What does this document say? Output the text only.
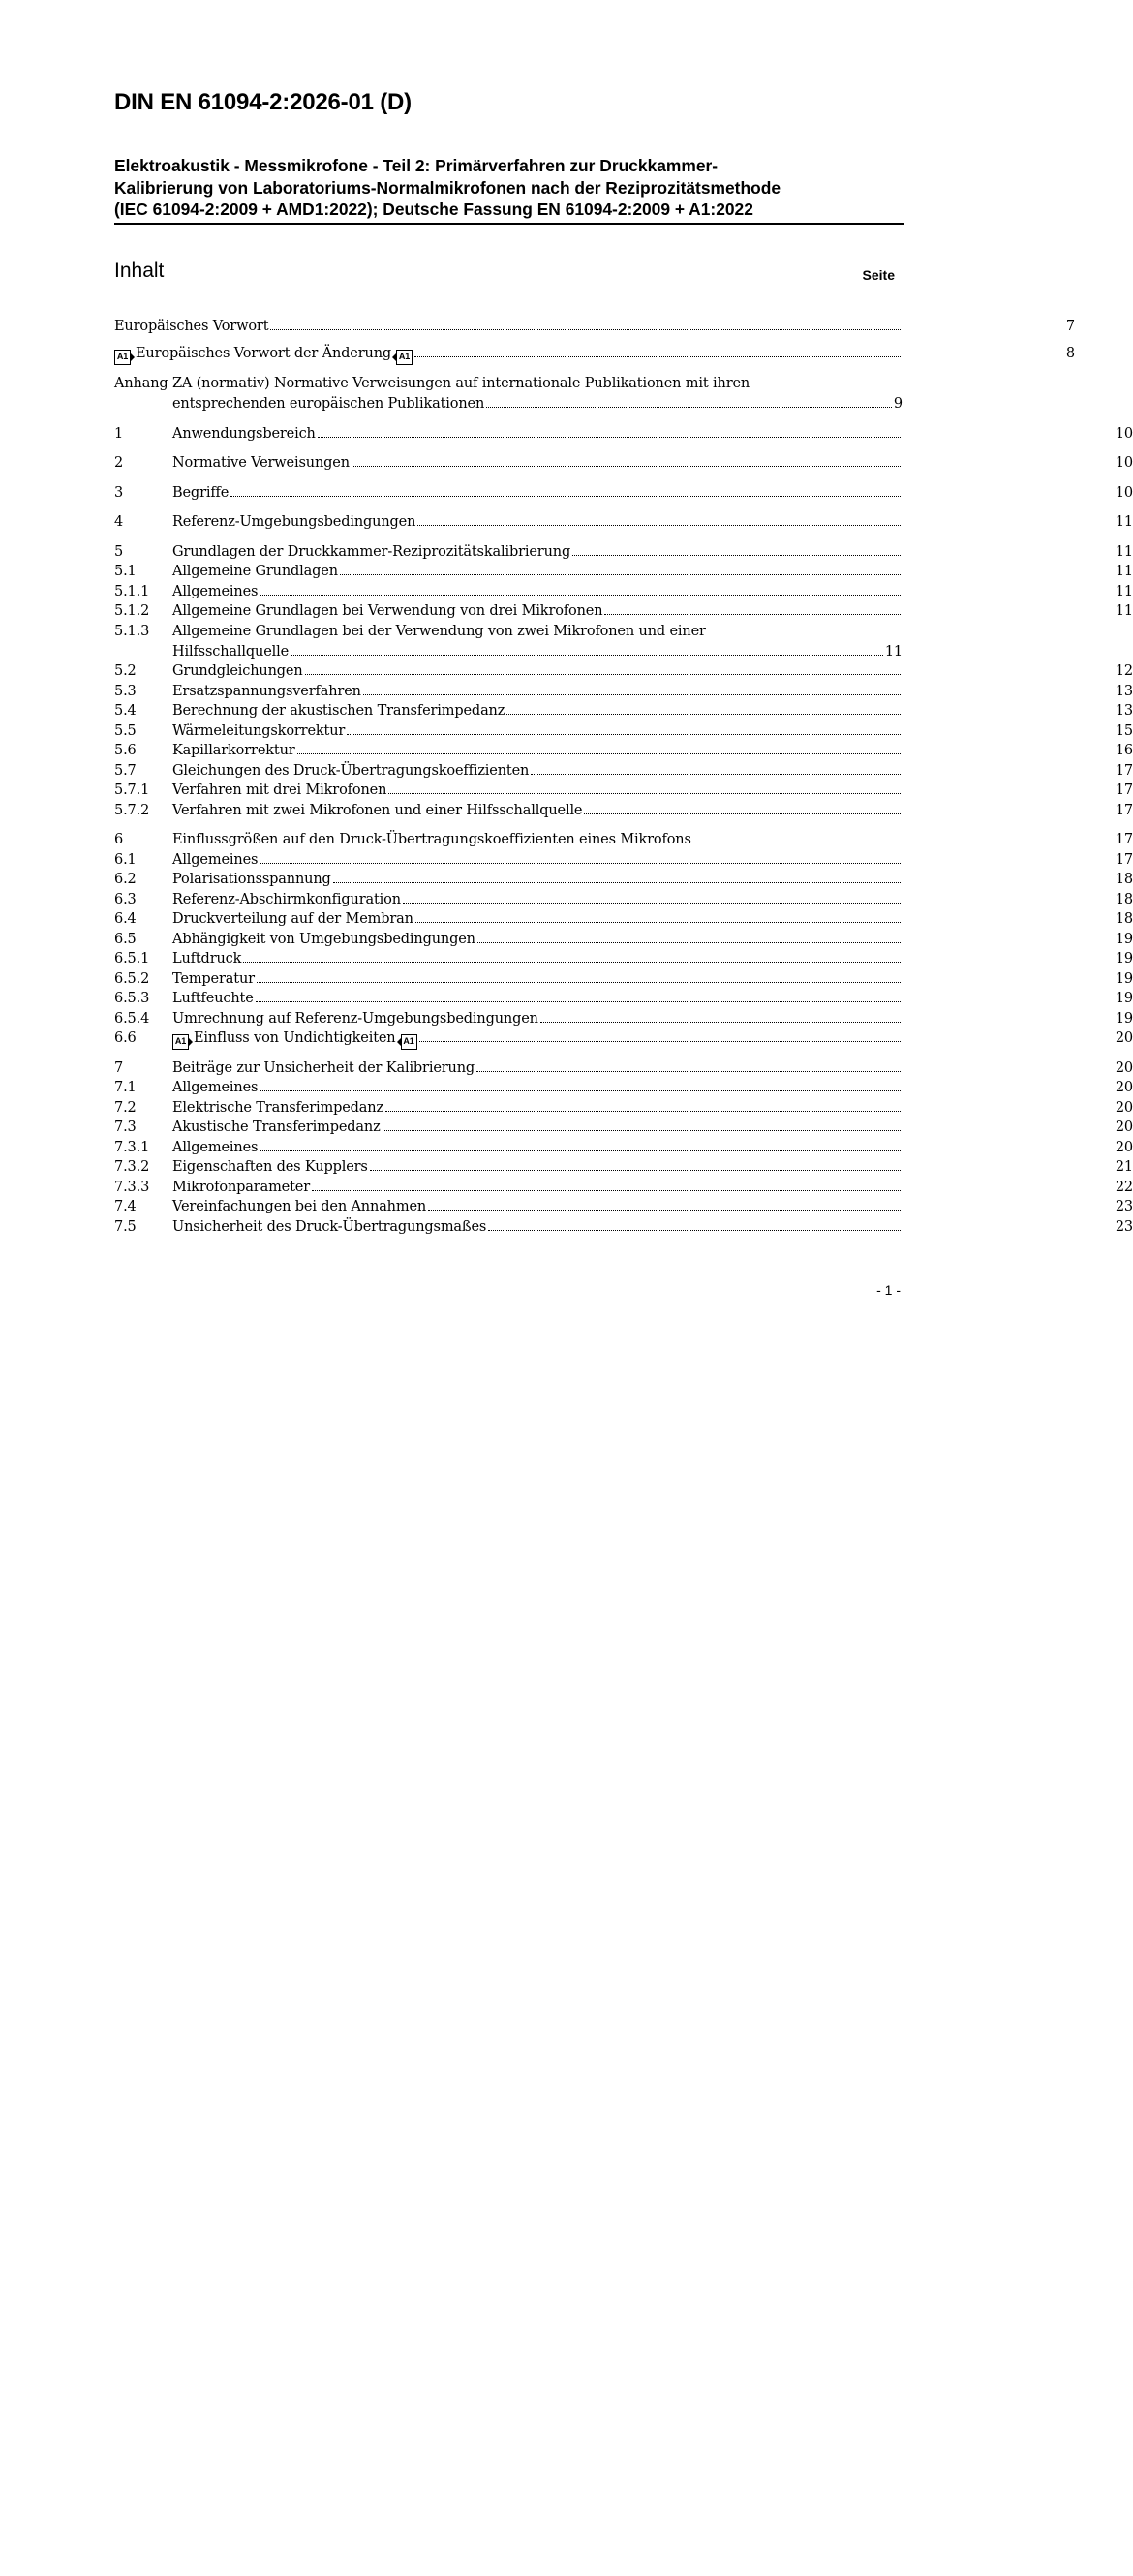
DIN EN 61094-2:2026-01 (D)
Elektroakustik - Messmikrofone - Teil 2: Primärverfahren zur Druckkammer-
Kalibrierung von Laboratoriums-Normalmikrofonen nach der Reziprozitätsmethode
(IEC 61094-2:2009 + AMD1:2022); Deutsche Fassung EN 61094-2:2009 + A1:2022
Inhalt	Seite
Europäisches Vorwort	7
A1 Europäisches Vorwort der Änderung A1	8
Anhang ZA (normativ) Normative Verweisungen auf internationale Publikationen mit ihren
entsprechenden europäischen Publikationen	9
1	Anwendungsbereich	10
2	Normative Verweisungen	10
3	Begriffe	10
4	Referenz-Umgebungsbedingungen	11
5	Grundlagen der Druckkammer-Reziprozitätskalibrierung	11
5.1	Allgemeine Grundlagen	11
5.1.1 Allgemeines	11
5.1.2 Allgemeine Grundlagen bei Verwendung von drei Mikrofonen	11
5.1.3 Allgemeine Grundlagen bei der Verwendung von zwei Mikrofonen und einer
Hilfsschallquelle	11
5.2	Grundgleichungen	12
5.3	Ersatzspannungsverfahren	13
5.4	Berechnung der akustischen Transferimpedanz	13
5.5	Wärmeleitungskorrektur	15
5.6	Kapillarkorrektur	16
5.7	Gleichungen des Druck-Übertragungskoeffizienten	17
5.7.1 Verfahren mit drei Mikrofonen	17
5.7.2 Verfahren mit zwei Mikrofonen und einer Hilfsschallquelle	17
6	Einflussgrößen auf den Druck-Übertragungskoeffizienten eines Mikrofons	17
6.1	Allgemeines	17
6.2	Polarisationsspannung	18
6.3	Referenz-Abschirmkonfiguration	18
6.4	Druckverteilung auf der Membran	18
6.5	Abhängigkeit von Umgebungsbedingungen	19
6.5.1 Luftdruck	19
6.5.2 Temperatur	19
6.5.3 Luftfeuchte	19
6.5.4 Umrechnung auf Referenz-Umgebungsbedingungen	19
6.6	A1 Einfluss von Undichtigkeiten A1	20
7	Beiträge zur Unsicherheit der Kalibrierung	20
7.1	Allgemeines	20
7.2	Elektrische Transferimpedanz	20
7.3	Akustische Transferimpedanz	20
7.3.1 Allgemeines	20
7.3.2 Eigenschaften des Kupplers	21
7.3.3 Mikrofonparameter	22
7.4	Vereinfachungen bei den Annahmen	23
7.5	Unsicherheit des Druck-Übertragungsmaßes	23
- 1 -
